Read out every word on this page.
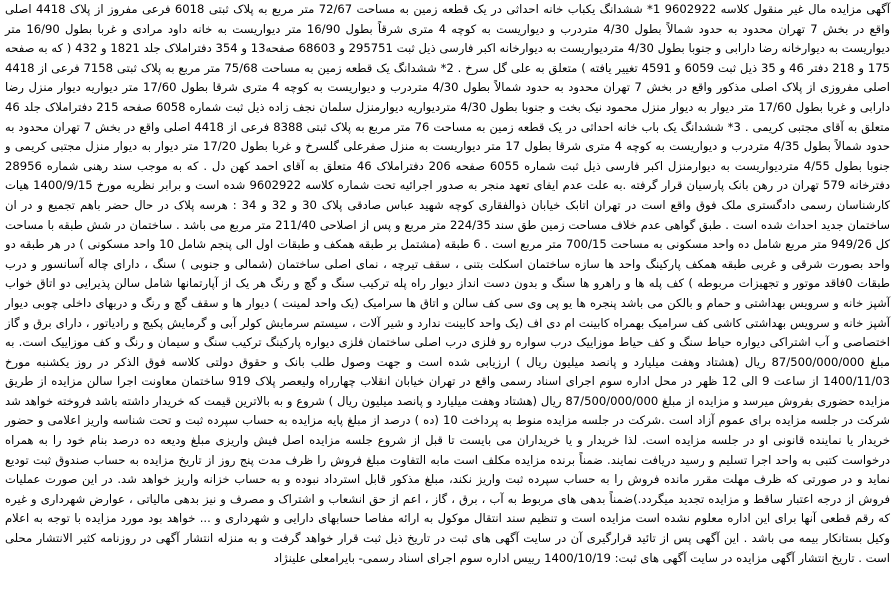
آگهی مزایده مال غیر منقول کلاسه 9602922 1* ششدانگ یکباب خانه احداثی در یک قطعه زمین به مساحت 72/67 متر مربع به پلاک ثبتی 6018 فرعی مفروز از پلاک 4418 اصلی واقع در بخش 7 تهران محدود به حدود شمالاً بطول 4/30 متردرب و دیواریست به کوچه 4 متری شرقاً بطول 16/90 متر دیواریست به خانه داود مرادی و غربا بطول 16/90 متر دیواریست به دیوارخانه رضا دارابی و جنوبا بطول 4/30 متردیواریست به دیوارخانه اکبر فارسی ذیل ثبت 295751 و 68603 صفحه13 و 354 دفتراملاک جلد 1821 و 432 ( که به صفحه 175 و 218 دفتر 46 و 35 ذیل ثبت 6059 و 4591 تغییر یافته ) متعلق به علی گل سرخ . 2* ششدانگ یک قطعه زمین به مساحت 75/68 متر مربع به پلاک ثبتی 7158 فرعی از 4418 اصلی مفروزی از پلاک اصلی مذکور واقع در بخش 7 تهران محدود به حدود شمالاً بطول 4/30 متردرب و دیواریست به کوچه 4 متری شرقا بطول 17/60 متر دیواریه دیوار منزل رضا دارابی و غربا بطول 17/60 متر دیوار به دیوار منزل محمود نیک بخت و جنوبا بطول 4/30 متردیواریه دیوارمنزل سلمان نجف زاده ذیل ثبت شماره 6058 صفحه 215 دفتراملاک جلد 46 متعلق به آقای مجتبی کریمی . 3* ششدانگ یک باب خانه احداثی در یک قطعه زمین به مساحت 76 متر مربع به پلاک ثبتی 8388 فرعی از 4418 اصلی واقع در بخش 7 تهران محدود به حدود شمالاً بطول 4/35 متردرب و دیواریست به کوچه 4 متری شرقا بطول 17 متر دیواریست به منزل صفرعلی گلسرخ و غربا بطول 17/20 متر دیوار به دیوار منزل مجتبی کریمی و جنوبا بطول 4/55 متردیواریست به دیوارمنزل اکبر فارسی ذیل ثبت شماره 6055 صفحه 206 دفتراملاک 46 متعلق به آقای احمد کهن دل . که به موجب سند رهنی شماره 28956 دفترخانه 579 تهران در رهن بانک پارسیان قرار گرفته .به علت عدم ایفای تعهد منجر به صدور اجرائیه تحت شماره کلاسه 9602922 شده است و برابر نظریه مورخ 1400/9/15 هیات کارشناسان رسمی دادگستری ملک فوق واقع است در تهران اتابک خیابان ذوالفقاری کوچه شهید عباس صادقی پلاک 30 و 32 و 34 : هرسه پلاک در حال حضر باهم تجمیع و در ان ساختمان جدید احداث شده است . طبق گواهی عدم خلاف مساحت زمین طق سند 224/35 متر مربع و پس از اصلاحی 211/40 متر مربع می باشد . ساختمان در شش طبقه با مساحت کل 949/26 متر مربع شامل ده واحد مسکونی به مساحت 700/15 متر مربع است . 6 طبقه (مشتمل بر طبقه همکف و طبقات اول الی پنجم شامل 10 واحد مسکونی ) در هر طبقه دو واحد بصورت شرقی و غربی طبقه همکف پارکینگ واحد ها سازه ساختمان اسکلت بتنی ، سقف تیرچه ، نمای اصلی ساختمان (شمالی و جنوبی ) سنگ ، دارای چاله آسانسور و درب طبقات 0فاقد موتور و تجهیزات مربوطه ) کف پله ها و راهرو ها سنگ و بدون دست انداز دیوار راه پله ترکیب سنگ و گچ و رنگ هر یک از آپارتمانها شامل سالن پذیرایی دو اتاق خواب آشپز خانه و سرویس بهداشتی و حمام و بالکن می باشد پنجره ها یو پی وی سی کف سالن و اتاق ها سرامیک (یک واحد لمینت ) دیوار ها و سقف گچ و رنگ و دربهای داخلی چوبی دیوار آشپز خانه و سرویس بهداشتی کاشی کف سرامیک بهمراه کابینت ام دی اف (یک واحد کابینت ندارد و شیر آلات ، سیستم سرمایش کولر آبی و گرمایش پکیج و رادیاتور ، دارای برق و گاز اختصاصی و آب اشتراکی دیواره حیاط سنگ و کف حیاط موزاییک درب سواره رو فلزی درب اصلی ساختمان فلزی دیواره پارکینگ ترکیب سنگ و سیمان و رنگ و کف موزاییک است. به مبلغ 87/500/000/000 ریال (هشتاد وهفت میلیارد و پانصد میلیون ریال ) ارزیابی شده است و جهت وصول طلب بانک و حقوق دولتی کلاسه فوق الذکر در روز یکشنبه مورخ 1400/11/03 از ساعت 9 الی 12 ظهر در محل اداره سوم اجرای اسناد رسمی واقع در تهران خیابان انقلاب چهارراه ولیعصر پلاک 919 ساختمان معاونت اجرا سالن مزایده از طریق مزایده حضوری بفروش میرسد و مزایده از مبلغ 87/500/000/000 ریال (هشتاد وهفت میلیارد و پانصد میلیون ریال ) شروع و به بالاترین قیمت که خریدار داشته باشد فروخته خواهد شد شرکت در جلسه مزایده برای عموم آزاد است .شرکت در جلسه مزایده منوط به پرداخت 10 (ده ) درصد از مبلغ پایه مزایده به حساب سپرده ثبت و تحت شناسه واریز اعلامی و حضور خریدار یا نماینده قانونی او در جلسه مزایده است. لذا خریدار و یا خریداران می بایست تا قبل از شروع جلسه مزایده اصل فیش واریزی مبلغ ودیعه ده درصد بنام خود را به همراه درخواست کتبی به واحد اجرا تسلیم و رسید دریافت نمایند. ضمناً برنده مزایده مکلف است مابه التفاوت مبلغ فروش را ظرف مدت پنج روز از تاریخ مزایده به حساب صندوق ثبت تودیع نماید و در صورتی که ظرف مهلت مقرر مانده فروش را به حساب سپرده ثبت واریز نکند، مبلغ مذکور قابل استرداد نبوده و به حساب خزانه واریز خواهد شد. در این صورت عملیات فروش از درجه اعتبار ساقط و مزایده تجدید میگردد.)ضمناً بدهی های مربوط به آب ، برق ، گاز ، اعم از حق انشعاب و اشتراک و مصرف و نیز بدهی مالیاتی ، عوارض شهرداری و غیره که رقم قطعی آنها برای این اداره معلوم نشده است مزایده است و تنظیم سند انتقال موکول به ارائه مفاصا حسابهای دارایی و شهرداری و ... خواهد بود مورد مزایده با توجه به اعلام وکیل بستانکار بیمه می باشد . این آگهی پس از تائید قرارگیری آن در سایت آگهی های ثبت در تاریخ ذیل ثبت قرار خواهد گرفت و به منزله انتشار آگهی در روزنامه کثیر الانتشار محلی است . تاریخ انتشار آگهی مزایده در سایت آگهی های ثبت: 1400/10/19 رییس اداره سوم اجرای اسناد رسمی- بایرامعلی علینژاد
